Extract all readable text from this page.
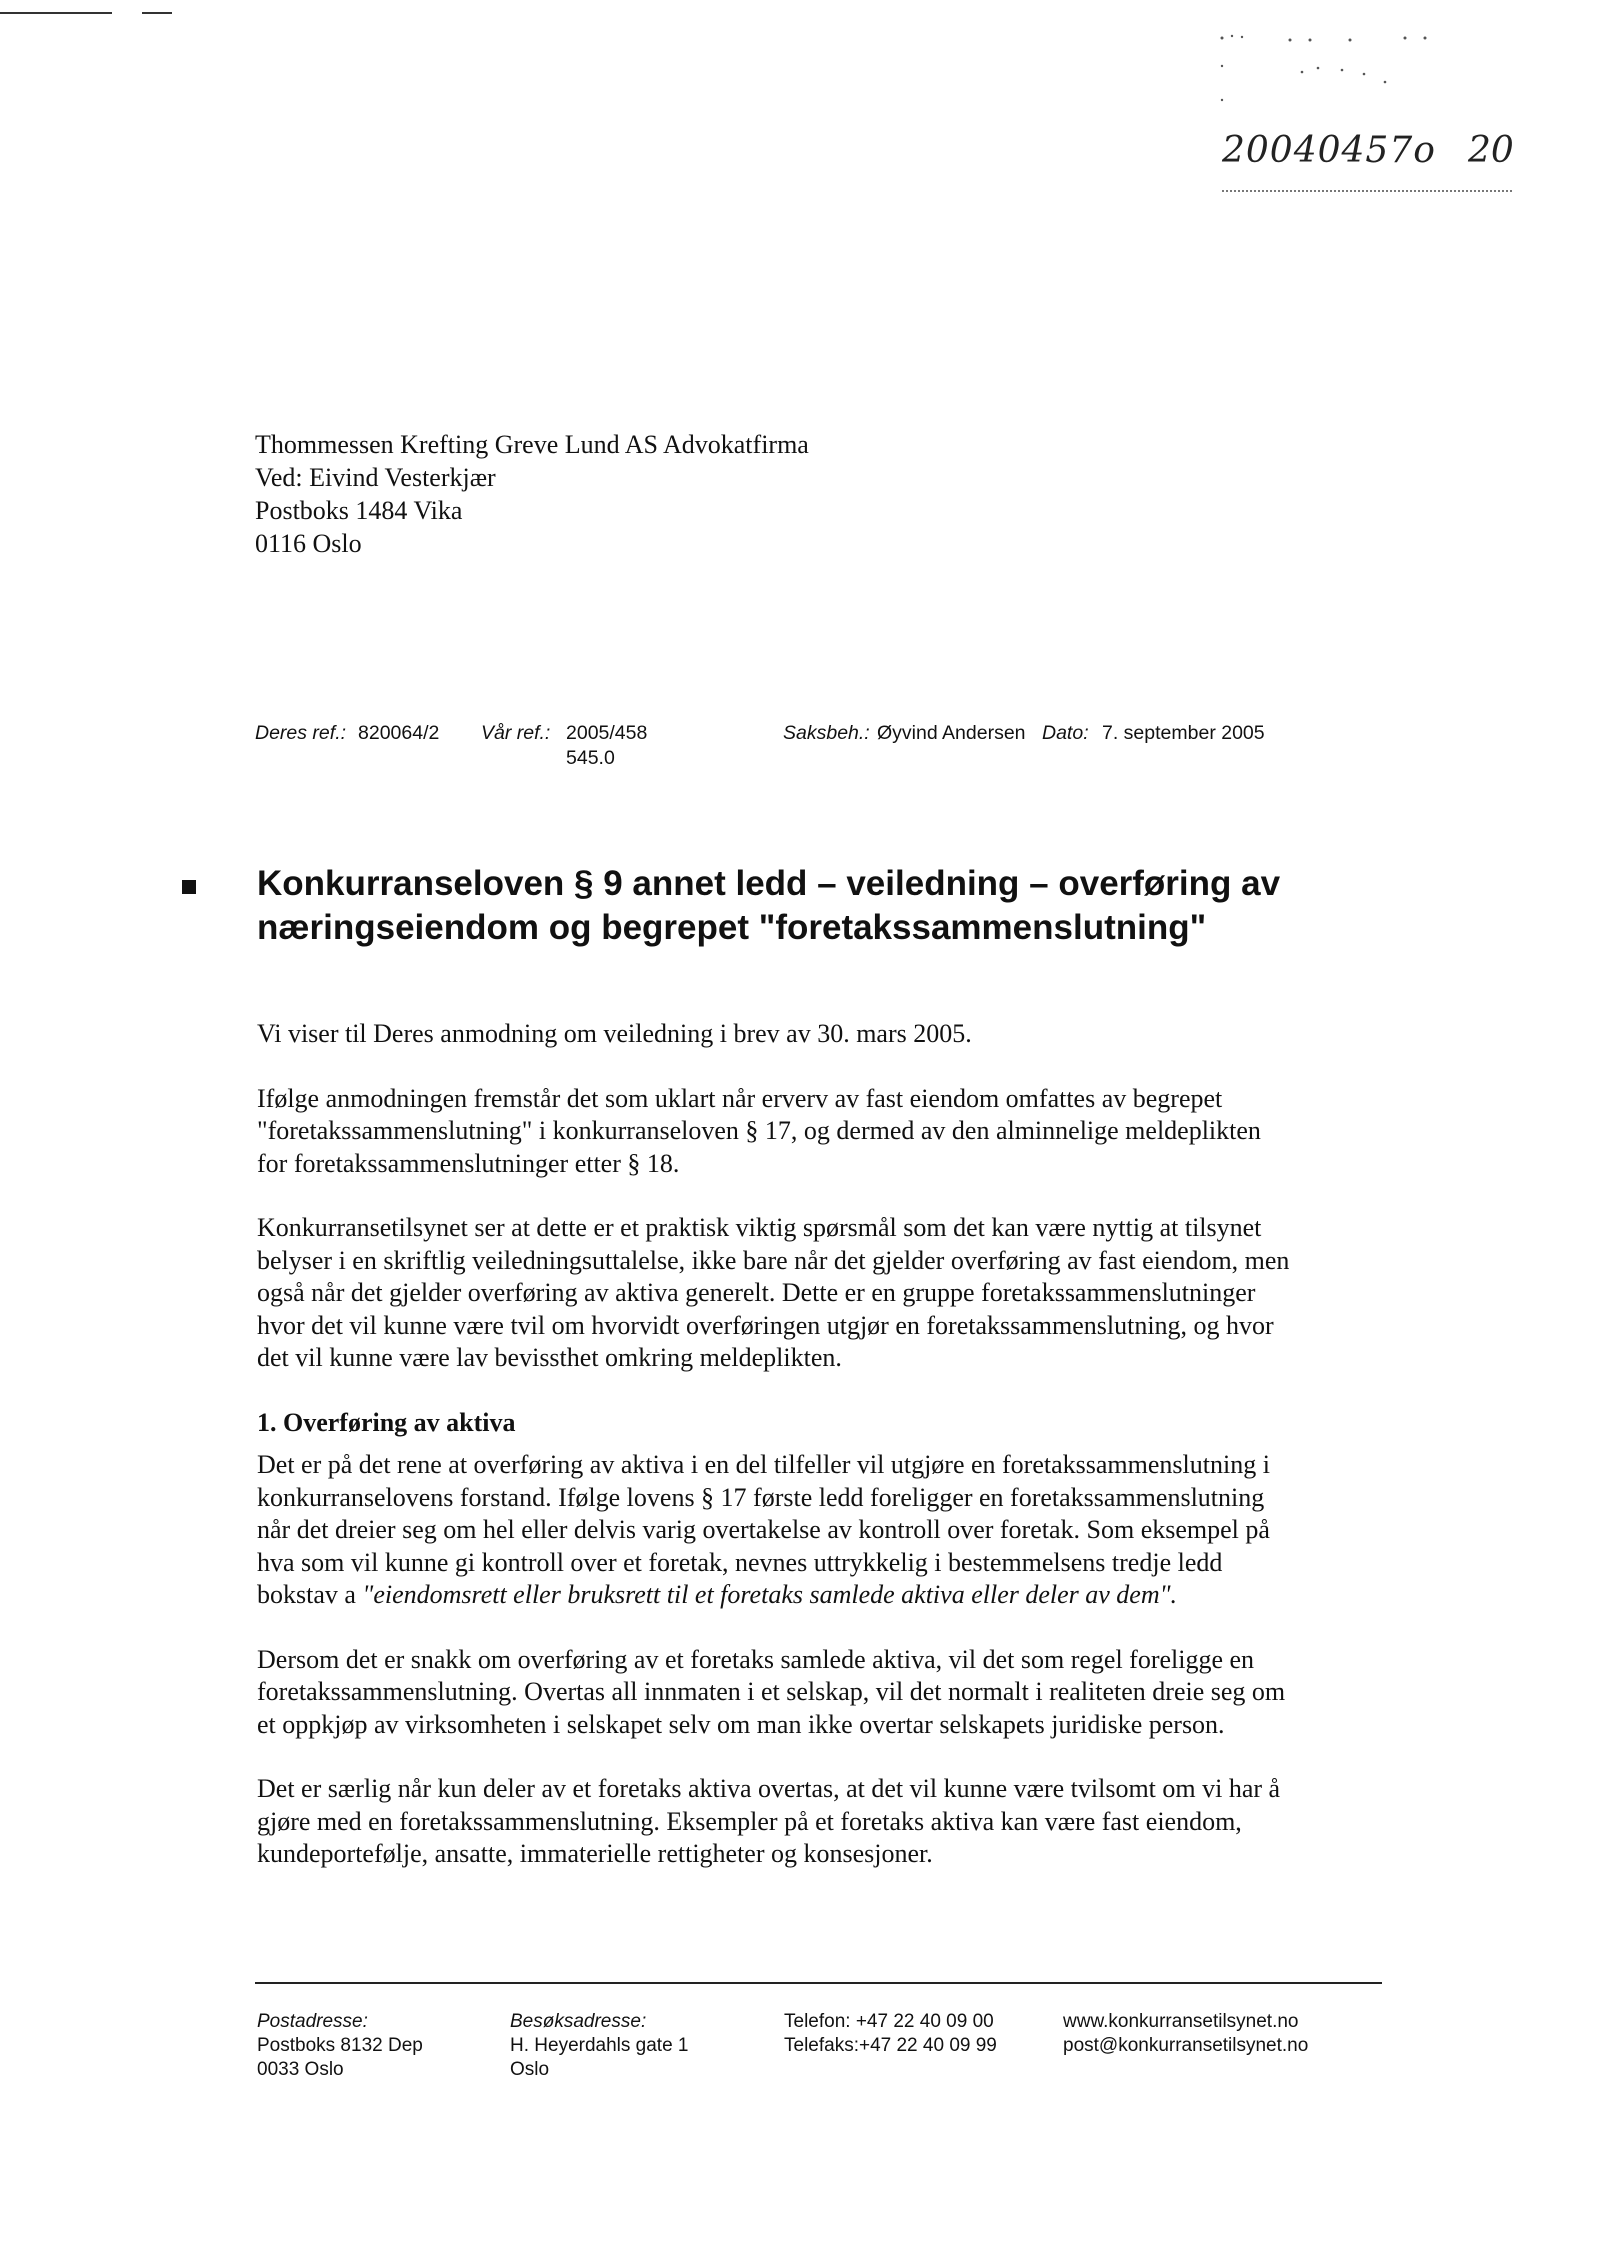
20040457o 20
Thommessen Krefting Greve Lund AS Advokatfirma
Ved: Eivind Vesterkjær
Postboks 1484 Vika
0116 Oslo
Deres ref.: 820064/2 Vår ref.: 2005/458
545.0
Saksbeh.: Øyvind Andersen Dato: 7. september 2005
Konkurranseloven § 9 annet ledd – veiledning – overføring av
næringseiendom og begrepet "foretakssammenslutning"

Vi viser til Deres anmodning om veiledning i brev av 30. mars 2005.

Ifølge anmodningen fremstår det som uklart når erverv av fast eiendom omfattes av begrepet
"foretakssammenslutning" i konkurranseloven § 17, og dermed av den alminnelige meldeplikten
for foretakssammenslutninger etter § 18.

Konkurransetilsynet ser at dette er et praktisk viktig spørsmål som det kan være nyttig at tilsynet
belyser i en skriftlig veiledningsuttalelse, ikke bare når det gjelder overføring av fast eiendom, men
også når det gjelder overføring av aktiva generelt. Dette er en gruppe foretakssammenslutninger
hvor det vil kunne være tvil om hvorvidt overføringen utgjør en foretakssammenslutning, og hvor
det vil kunne være lav bevissthet omkring meldeplikten.

1. Overføring av aktiva

Det er på det rene at overføring av aktiva i en del tilfeller vil utgjøre en foretakssammenslutning i
konkurranselovens forstand. Ifølge lovens § 17 første ledd foreligger en foretakssammenslutning
når det dreier seg om hel eller delvis varig overtakelse av kontroll over foretak. Som eksempel på
hva som vil kunne gi kontroll over et foretak, nevnes uttrykkelig i bestemmelsens tredje ledd
bokstav a "eiendomsrett eller bruksrett til et foretaks samlede aktiva eller deler av dem".

Dersom det er snakk om overføring av et foretaks samlede aktiva, vil det som regel foreligge en
foretakssammenslutning. Overtas all innmaten i et selskap, vil det normalt i realiteten dreie seg om
et oppkjøp av virksomheten i selskapet selv om man ikke overtar selskapets juridiske person.

Det er særlig når kun deler av et foretaks aktiva overtas, at det vil kunne være tvilsomt om vi har å
gjøre med en foretakssammenslutning. Eksempler på et foretaks aktiva kan være fast eiendom,
kundeportefølje, ansatte, immaterielle rettigheter og konsesjoner.

Postadresse:
Postboks 8132 Dep
0033 Oslo
Besøksadresse:
H. Heyerdahls gate 1
Oslo
Telefon: +47 22 40 09 00
Telefaks:+47 22 40 09 99
www.konkurransetilsynet.no
post@konkurransetilsynet.no
